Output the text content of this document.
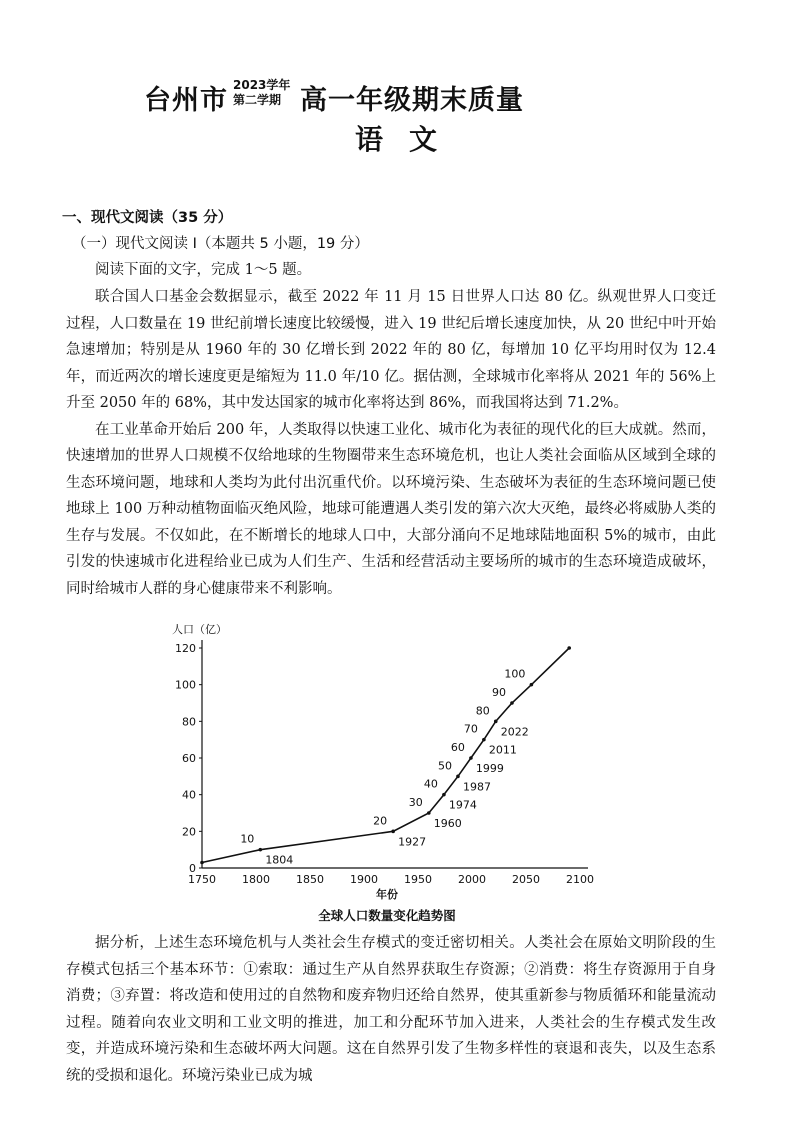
台州市 2023学年
第二学期 高一年级期末质量
语文
一、现代文阅读（35 分）
（一）现代文阅读 I（本题共 5 小题，19 分）
阅读下面的文字，完成 1～5 题。

联合国人口基金会数据显示，截至 2022 年 11 月 15 日世界人口达 80 亿。纵观世界人口变迁过程，人口数量在 19 世纪前增长速度比较缓慢，进入 19 世纪后增长速度加快，从 20 世纪中叶开始急速增加；特别是从 1960 年的 30 亿增长到 2022 年的 80 亿，每增加 10 亿平均用时仅为 12.4 年，而近两次的增长速度更是缩短为 11.0 年/10 亿。据估测，全球城市化率将从 2021 年的 56%上升至 2050 年的 68%，其中发达国家的城市化率将达到 86%，而我国将达到 71.2%。

在工业革命开始后 200 年，人类取得以快速工业化、城市化为表征的现代化的巨大成就。然而，快速增加的世界人口规模不仅给地球的生物圈带来生态环境危机，也让人类社会面临从区域到全球的生态环境问题，地球和人类均为此付出沉重代价。以环境污染、生态破坏为表征的生态环境问题已使地球上 100 万种动植物面临灭绝风险，地球可能遭遇人类引发的第六次大灭绝，最终必将威胁人类的生存与发展。不仅如此，在不断增长的地球人口中，大部分涌向不足地球陆地面积 5%的城市，由此引发的快速城市化进程给业已成为人们生产、生活和经营活动主要场所的城市的生态环境造成破坏，同时给城市人群的身心健康带来不利影响。

人口（亿）
0
20
40
60
80
100
120
1750 1800 1850 1900 1950 2000 2050 2100
年份
全球人口数量变化趋势图
10
1804
20
1927
30
1960
40
1974
50
1987
60
1999
70
2011
80
2022
90
100

据分析，上述生态环境危机与人类社会生存模式的变迁密切相关。人类社会在原始文明阶段的生存模式包括三个基本环节：①索取：通过生产从自然界获取生存资源；②消费：将生存资源用于自身消费；③弃置：将改造和使用过的自然物和废弃物归还给自然界，使其重新参与物质循环和能量流动过程。随着向农业文明和工业文明的推进，加工和分配环节加入进来，人类社会的生存模式发生改变，并造成环境污染和生态破坏两大问题。这在自然界引发了生物多样性的衰退和丧失，以及生态系统的受损和退化。环境污染业已成为城
